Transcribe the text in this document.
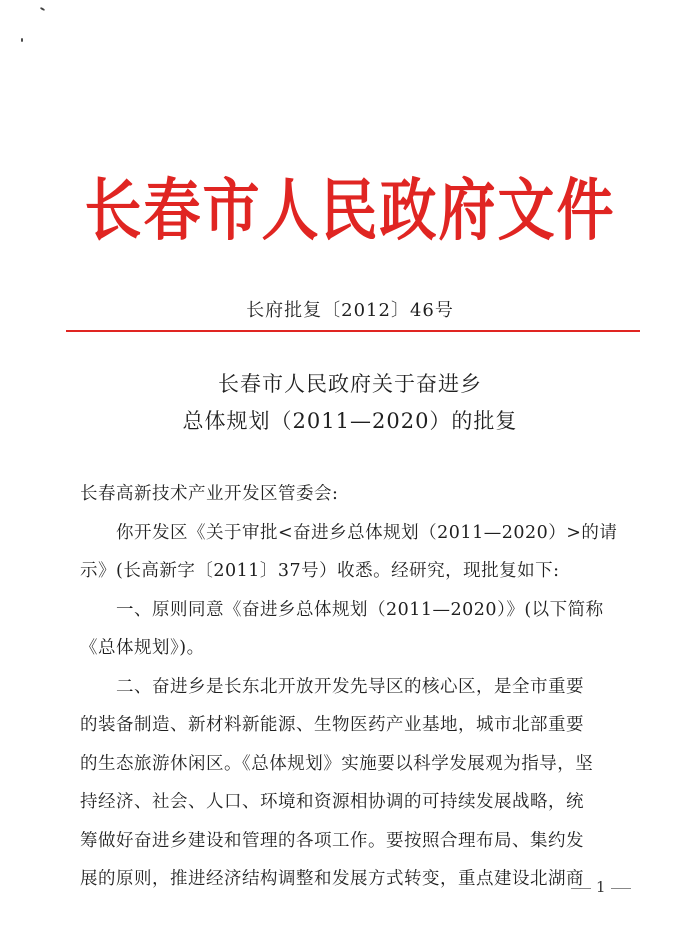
长春市人民政府文件
长府批复〔2012〕46号
长春市人民政府关于奋进乡
总体规划（2011—2020）的批复
长春高新技术产业开发区管委会:
你开发区《关于审批<奋进乡总体规划（2011—2020）>的请
示》(长高新字〔2011〕37号）收悉。经研究，现批复如下:
一、原则同意《奋进乡总体规划（2011—2020）》(以下简称
《总体规划》)。
二、奋进乡是长东北开放开发先导区的核心区，是全市重要
的装备制造、新材料新能源、生物医药产业基地，城市北部重要
的生态旅游休闲区。《总体规划》实施要以科学发展观为指导，坚
持经济、社会、人口、环境和资源相协调的可持续发展战略，统
筹做好奋进乡建设和管理的各项工作。要按照合理布局、集约发
展的原则，推进经济结构调整和发展方式转变，重点建设北湖商 1
